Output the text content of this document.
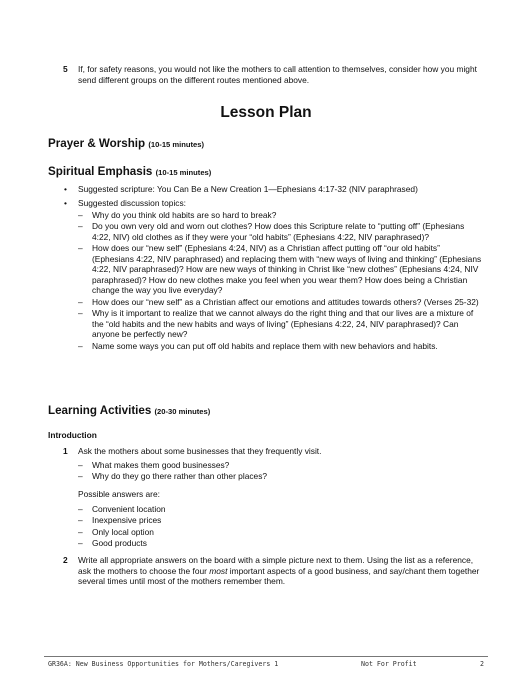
5 If, for safety reasons, you would not like the mothers to call attention to themselves, consider how you might send different groups on the different routes mentioned above.
Lesson Plan
Prayer & Worship (10-15 minutes)
Spiritual Emphasis (10-15 minutes)
• Suggested scripture: You Can Be a New Creation 1—Ephesians 4:17-32 (NIV paraphrased)
• Suggested discussion topics:
– Why do you think old habits are so hard to break?
– Do you own very old and worn out clothes? How does this Scripture relate to “putting off” (Ephesians 4:22, NIV) old clothes as if they were your “old habits” (Ephesians 4:22, NIV paraphrased)?
– How does our “new self” (Ephesians 4:24, NIV) as a Christian affect putting off “our old habits” (Ephesians 4:22, NIV paraphrased) and replacing them with “new ways of living and thinking” (Ephesians 4:22, NIV paraphrased)? How are new ways of thinking in Christ like “new clothes” (Ephesians 4:24, NIV paraphrased)? How do new clothes make you feel when you wear them? How does being a Christian change the way you live everyday?
– How does our “new self” as a Christian affect our emotions and attitudes towards others? (Verses 25-32)
– Why is it important to realize that we cannot always do the right thing and that our lives are a mixture of the “old habits and the new habits and ways of living” (Ephesians 4:22, 24, NIV paraphrased)? Can anyone be perfectly new?
– Name some ways you can put off old habits and replace them with new behaviors and habits.
Learning Activities (20-30 minutes)
Introduction
1 Ask the mothers about some businesses that they frequently visit.
– What makes them good businesses?
– Why do they go there rather than other places?
Possible answers are:
– Convenient location
– Inexpensive prices
– Only local option
– Good products
2 Write all appropriate answers on the board with a simple picture next to them. Using the list as a reference, ask the mothers to choose the four most important aspects of a good business, and say/chant them together several times until most of the mothers remember them.
GR36A: New Business Opportunities for Mothers/Caregivers 1	Not For Profit	2
